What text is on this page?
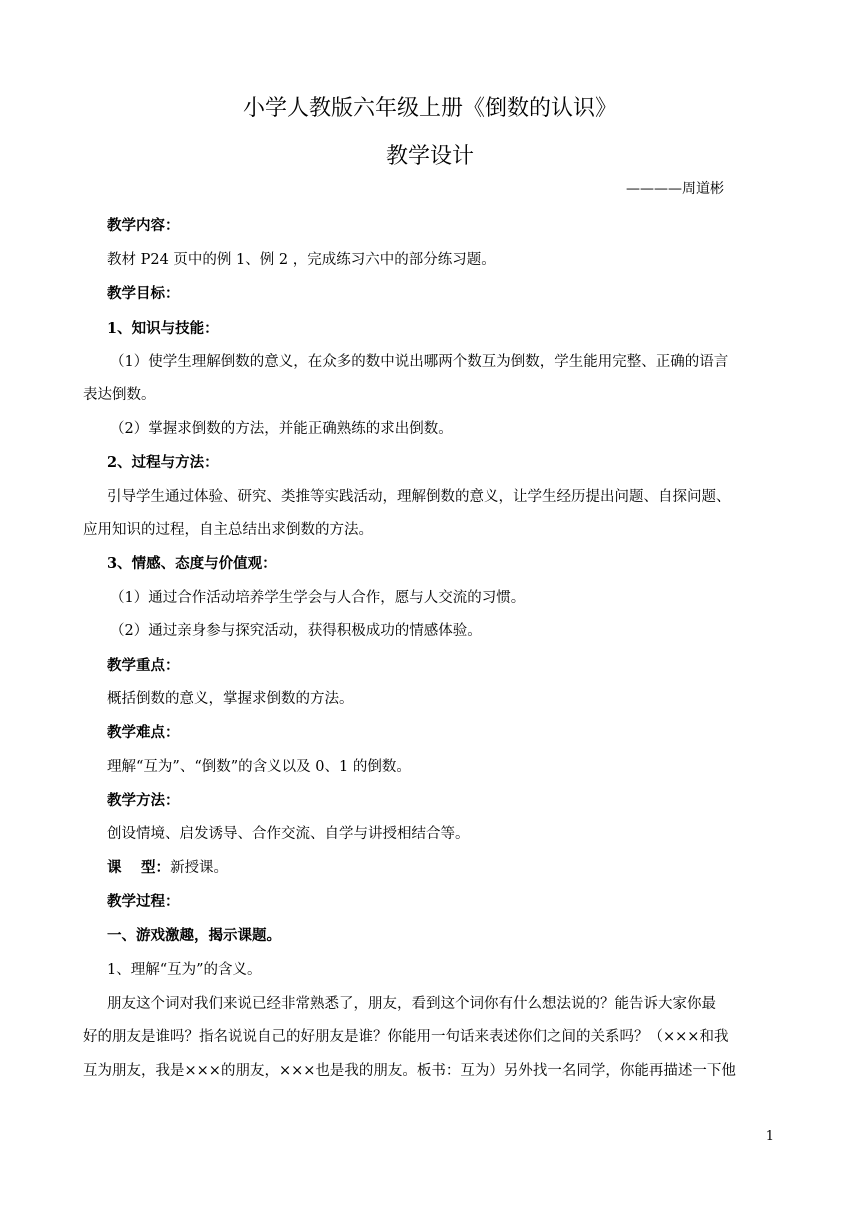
小学人教版六年级上册《倒数的认识》
教学设计
————周道彬
教学内容：
教材 P24 页中的例 1、例 2 ，完成练习六中的部分练习题。
教学目标：
1、知识与技能：
（1）使学生理解倒数的意义，在众多的数中说出哪两个数互为倒数，学生能用完整、正确的语言
表达倒数。
（2）掌握求倒数的方法，并能正确熟练的求出倒数。
2、过程与方法：
引导学生通过体验、研究、类推等实践活动，理解倒数的意义，让学生经历提出问题、自探问题、
应用知识的过程，自主总结出求倒数的方法。
3、情感、态度与价值观：
（1）通过合作活动培养学生学会与人合作，愿与人交流的习惯。
（2）通过亲身参与探究活动，获得积极成功的情感体验。
教学重点：
概括倒数的意义，掌握求倒数的方法。
教学难点：
理解“互为”、“倒数”的含义以及 0、1 的倒数。
教学方法：
创设情境、启发诱导、合作交流、自学与讲授相结合等。
课　 型：新授课。
教学过程：
一、游戏激趣，揭示课题。
1、理解“互为”的含义。
朋友这个词对我们来说已经非常熟悉了，朋友，看到这个词你有什么想法说的？能告诉大家你最
好的朋友是谁吗？指名说说自己的好朋友是谁？你能用一句话来表述你们之间的关系吗？（×××和我
互为朋友，我是×××的朋友，×××也是我的朋友。板书：互为）另外找一名同学，你能再描述一下他
1
